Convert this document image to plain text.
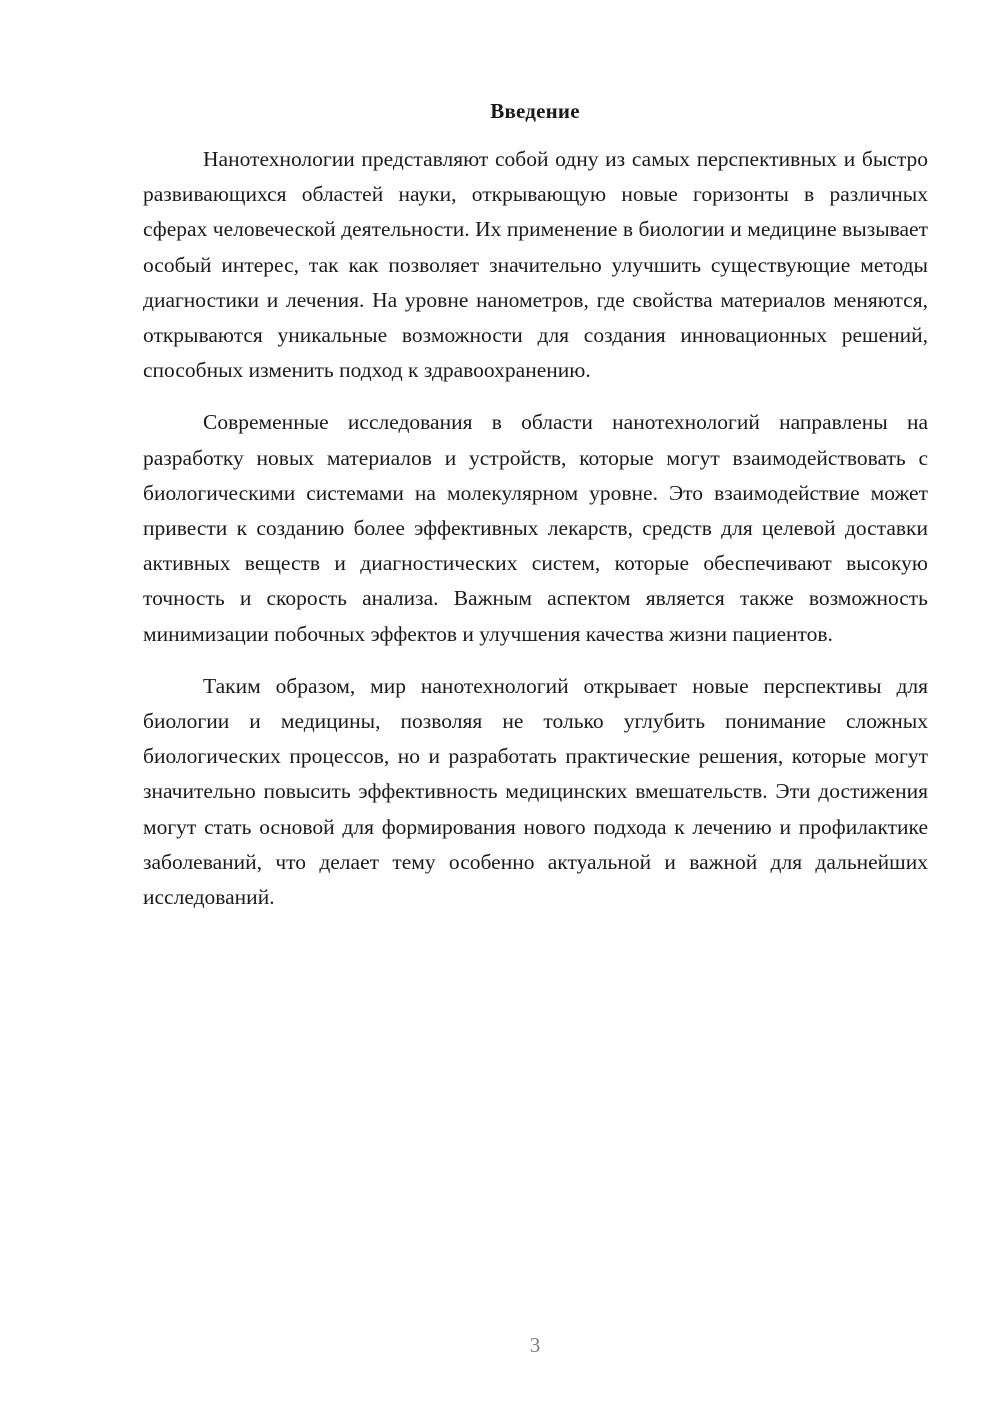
Введение

Нанотехнологии представляют собой одну из самых перспективных и быстро развивающихся областей науки, открывающую новые горизонты в различных сферах человеческой деятельности. Их применение в биологии и медицине вызывает особый интерес, так как позволяет значительно улучшить существующие методы диагностики и лечения. На уровне нанометров, где свойства материалов меняются, открываются уникальные возможности для создания инновационных решений, способных изменить подход к здравоохранению.

Современные исследования в области нанотехнологий направлены на разработку новых материалов и устройств, которые могут взаимодействовать с биологическими системами на молекулярном уровне. Это взаимодействие может привести к созданию более эффективных лекарств, средств для целевой доставки активных веществ и диагностических систем, которые обеспечивают высокую точность и скорость анализа. Важным аспектом является также возможность минимизации побочных эффектов и улучшения качества жизни пациентов.

Таким образом, мир нанотехнологий открывает новые перспективы для биологии и медицины, позволяя не только углубить понимание сложных биологических процессов, но и разработать практические решения, которые могут значительно повысить эффективность медицинских вмешательств. Эти достижения могут стать основой для формирования нового подхода к лечению и профилактике заболеваний, что делает тему особенно актуальной и важной для дальнейших исследований.

3
